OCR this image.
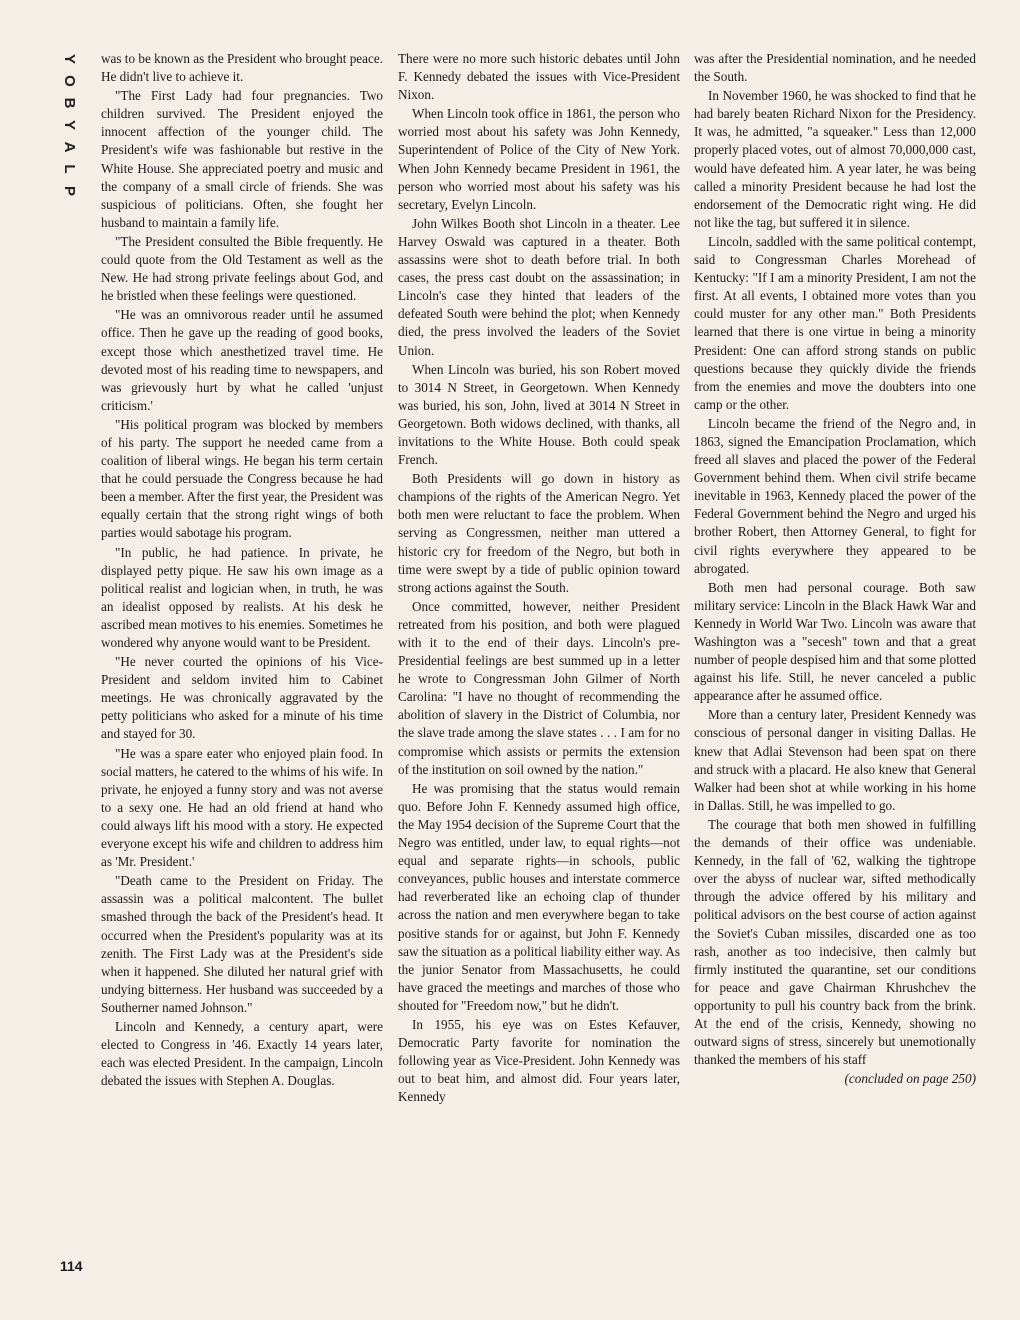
Y
O
B
Y
A
L
P
114

was to be known as the President who brought peace. He didn't live to achieve it.

"The First Lady had four pregnancies. Two children survived. The President enjoyed the innocent affection of the younger child. The President's wife was fashionable but restive in the White House. She appreciated poetry and music and the company of a small circle of friends. She was suspicious of politicians. Often, she fought her husband to maintain a family life.

"The President consulted the Bible frequently. He could quote from the Old Testament as well as the New. He had strong private feelings about God, and he bristled when these feelings were questioned.

"He was an omnivorous reader until he assumed office. Then he gave up the reading of good books, except those which anesthetized travel time. He devoted most of his reading time to newspapers, and was grievously hurt by what he called 'unjust criticism.'

"His political program was blocked by members of his party. The support he needed came from a coalition of liberal wings. He began his term certain that he could persuade the Congress because he had been a member. After the first year, the President was equally certain that the strong right wings of both parties would sabotage his program.

"In public, he had patience. In private, he displayed petty pique. He saw his own image as a political realist and logician when, in truth, he was an idealist opposed by realists. At his desk he ascribed mean motives to his enemies. Sometimes he wondered why anyone would want to be President.

"He never courted the opinions of his Vice-President and seldom invited him to Cabinet meetings. He was chronically aggravated by the petty politicians who asked for a minute of his time and stayed for 30.

"He was a spare eater who enjoyed plain food. In social matters, he catered to the whims of his wife. In private, he enjoyed a funny story and was not averse to a sexy one. He had an old friend at hand who could always lift his mood with a story. He expected everyone except his wife and children to address him as 'Mr. President.'

"Death came to the President on Friday. The assassin was a political malcontent. The bullet smashed through the back of the President's head. It occurred when the President's popularity was at its zenith. The First Lady was at the President's side when it happened. She diluted her natural grief with undying bitterness. Her husband was succeeded by a Southerner named Johnson."

Lincoln and Kennedy, a century apart, were elected to Congress in '46. Exactly 14 years later, each was elected President. In the campaign, Lincoln debated the issues with Stephen A. Douglas.

There were no more such historic debates until John F. Kennedy debated the issues with Vice-President Nixon.

When Lincoln took office in 1861, the person who worried most about his safety was John Kennedy, Superintendent of Police of the City of New York. When John Kennedy became President in 1961, the person who worried most about his safety was his secretary, Evelyn Lincoln.

John Wilkes Booth shot Lincoln in a theater. Lee Harvey Oswald was captured in a theater. Both assassins were shot to death before trial. In both cases, the press cast doubt on the assassination; in Lincoln's case they hinted that leaders of the defeated South were behind the plot; when Kennedy died, the press involved the leaders of the Soviet Union.

When Lincoln was buried, his son Robert moved to 3014 N Street, in Georgetown. When Kennedy was buried, his son, John, lived at 3014 N Street in Georgetown. Both widows declined, with thanks, all invitations to the White House. Both could speak French.

Both Presidents will go down in history as champions of the rights of the American Negro. Yet both men were reluctant to face the problem. When serving as Congressmen, neither man uttered a historic cry for freedom of the Negro, but both in time were swept by a tide of public opinion toward strong actions against the South.

Once committed, however, neither President retreated from his position, and both were plagued with it to the end of their days. Lincoln's pre-Presidential feelings are best summed up in a letter he wrote to Congressman John Gilmer of North Carolina: "I have no thought of recommending the abolition of slavery in the District of Columbia, nor the slave trade among the slave states . . . I am for no compromise which assists or permits the extension of the institution on soil owned by the nation."

He was promising that the status would remain quo. Before John F. Kennedy assumed high office, the May 1954 decision of the Supreme Court that the Negro was entitled, under law, to equal rights—not equal and separate rights—in schools, public conveyances, public houses and interstate commerce had reverberated like an echoing clap of thunder across the nation and men everywhere began to take positive stands for or against, but John F. Kennedy saw the situation as a political liability either way. As the junior Senator from Massachusetts, he could have graced the meetings and marches of those who shouted for "Freedom now," but he didn't.

In 1955, his eye was on Estes Kefauver, Democratic Party favorite for nomination the following year as Vice-President. John Kennedy was out to beat him, and almost did. Four years later, Kennedy

was after the Presidential nomination, and he needed the South.

In November 1960, he was shocked to find that he had barely beaten Richard Nixon for the Presidency. It was, he admitted, "a squeaker." Less than 12,000 properly placed votes, out of almost 70,000,000 cast, would have defeated him. A year later, he was being called a minority President because he had lost the endorsement of the Democratic right wing. He did not like the tag, but suffered it in silence.

Lincoln, saddled with the same political contempt, said to Congressman Charles Morehead of Kentucky: "If I am a minority President, I am not the first. At all events, I obtained more votes than you could muster for any other man." Both Presidents learned that there is one virtue in being a minority President: One can afford strong stands on public questions because they quickly divide the friends from the enemies and move the doubters into one camp or the other.

Lincoln became the friend of the Negro and, in 1863, signed the Emancipation Proclamation, which freed all slaves and placed the power of the Federal Government behind them. When civil strife became inevitable in 1963, Kennedy placed the power of the Federal Government behind the Negro and urged his brother Robert, then Attorney General, to fight for civil rights everywhere they appeared to be abrogated.

Both men had personal courage. Both saw military service: Lincoln in the Black Hawk War and Kennedy in World War Two. Lincoln was aware that Washington was a "secesh" town and that a great number of people despised him and that some plotted against his life. Still, he never canceled a public appearance after he assumed office.

More than a century later, President Kennedy was conscious of personal danger in visiting Dallas. He knew that Adlai Stevenson had been spat on there and struck with a placard. He also knew that General Walker had been shot at while working in his home in Dallas. Still, he was impelled to go.

The courage that both men showed in fulfilling the demands of their office was undeniable. Kennedy, in the fall of '62, walking the tightrope over the abyss of nuclear war, sifted methodically through the advice offered by his military and political advisors on the best course of action against the Soviet's Cuban missiles, discarded one as too rash, another as too indecisive, then calmly but firmly instituted the quarantine, set our conditions for peace and gave Chairman Khrushchev the opportunity to pull his country back from the brink. At the end of the crisis, Kennedy, showing no outward signs of stress, sincerely but unemotionally thanked the members of his staff

(concluded on page 250)
